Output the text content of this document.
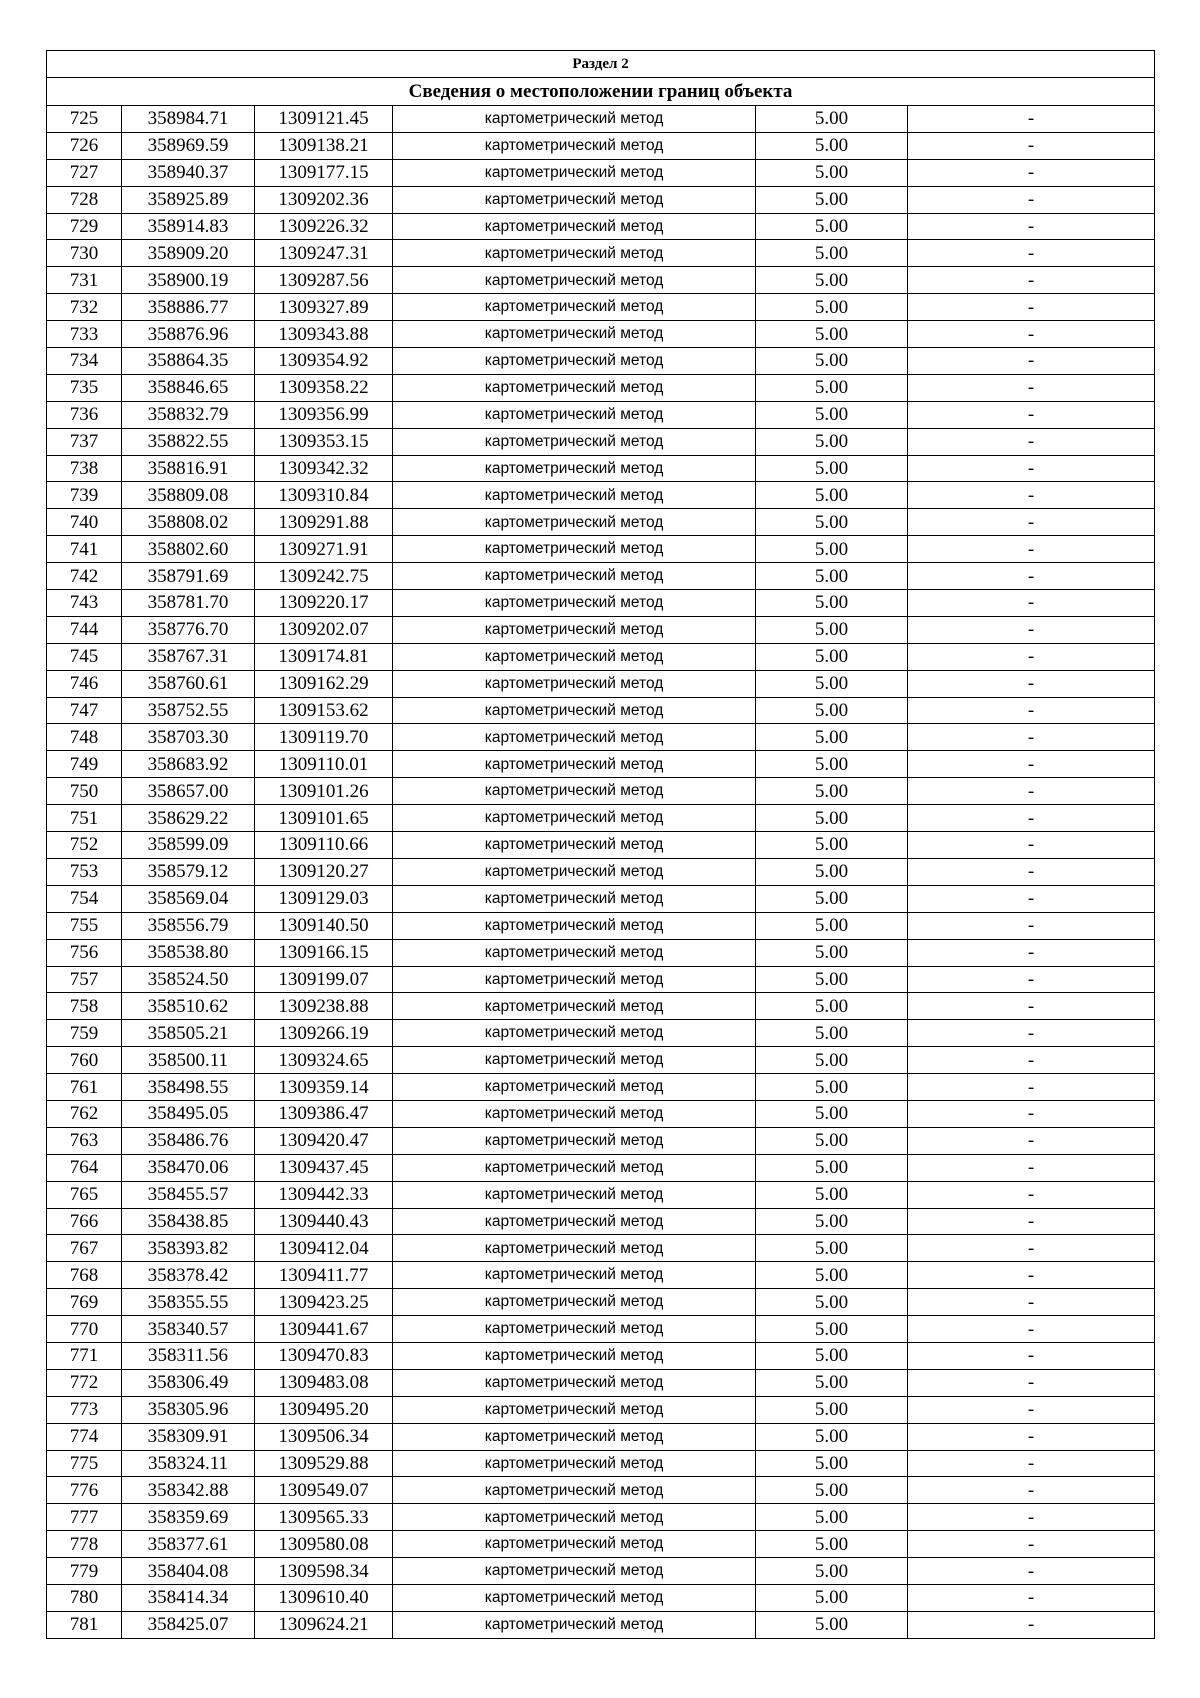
Раздел 2					
Сведения о местоположении границ объекта					
725	358984.71	1309121.45	картометрический метод	5.00	-
726	358969.59	1309138.21	картометрический метод	5.00	-
727	358940.37	1309177.15	картометрический метод	5.00	-
728	358925.89	1309202.36	картометрический метод	5.00	-
729	358914.83	1309226.32	картометрический метод	5.00	-
730	358909.20	1309247.31	картометрический метод	5.00	-
731	358900.19	1309287.56	картометрический метод	5.00	-
732	358886.77	1309327.89	картометрический метод	5.00	-
733	358876.96	1309343.88	картометрический метод	5.00	-
734	358864.35	1309354.92	картометрический метод	5.00	-
735	358846.65	1309358.22	картометрический метод	5.00	-
736	358832.79	1309356.99	картометрический метод	5.00	-
737	358822.55	1309353.15	картометрический метод	5.00	-
738	358816.91	1309342.32	картометрический метод	5.00	-
739	358809.08	1309310.84	картометрический метод	5.00	-
740	358808.02	1309291.88	картометрический метод	5.00	-
741	358802.60	1309271.91	картометрический метод	5.00	-
742	358791.69	1309242.75	картометрический метод	5.00	-
743	358781.70	1309220.17	картометрический метод	5.00	-
744	358776.70	1309202.07	картометрический метод	5.00	-
745	358767.31	1309174.81	картометрический метод	5.00	-
746	358760.61	1309162.29	картометрический метод	5.00	-
747	358752.55	1309153.62	картометрический метод	5.00	-
748	358703.30	1309119.70	картометрический метод	5.00	-
749	358683.92	1309110.01	картометрический метод	5.00	-
750	358657.00	1309101.26	картометрический метод	5.00	-
751	358629.22	1309101.65	картометрический метод	5.00	-
752	358599.09	1309110.66	картометрический метод	5.00	-
753	358579.12	1309120.27	картометрический метод	5.00	-
754	358569.04	1309129.03	картометрический метод	5.00	-
755	358556.79	1309140.50	картометрический метод	5.00	-
756	358538.80	1309166.15	картометрический метод	5.00	-
757	358524.50	1309199.07	картометрический метод	5.00	-
758	358510.62	1309238.88	картометрический метод	5.00	-
759	358505.21	1309266.19	картометрический метод	5.00	-
760	358500.11	1309324.65	картометрический метод	5.00	-
761	358498.55	1309359.14	картометрический метод	5.00	-
762	358495.05	1309386.47	картометрический метод	5.00	-
763	358486.76	1309420.47	картометрический метод	5.00	-
764	358470.06	1309437.45	картометрический метод	5.00	-
765	358455.57	1309442.33	картометрический метод	5.00	-
766	358438.85	1309440.43	картометрический метод	5.00	-
767	358393.82	1309412.04	картометрический метод	5.00	-
768	358378.42	1309411.77	картометрический метод	5.00	-
769	358355.55	1309423.25	картометрический метод	5.00	-
770	358340.57	1309441.67	картометрический метод	5.00	-
771	358311.56	1309470.83	картометрический метод	5.00	-
772	358306.49	1309483.08	картометрический метод	5.00	-
773	358305.96	1309495.20	картометрический метод	5.00	-
774	358309.91	1309506.34	картометрический метод	5.00	-
775	358324.11	1309529.88	картометрический метод	5.00	-
776	358342.88	1309549.07	картометрический метод	5.00	-
777	358359.69	1309565.33	картометрический метод	5.00	-
778	358377.61	1309580.08	картометрический метод	5.00	-
779	358404.08	1309598.34	картометрический метод	5.00	-
780	358414.34	1309610.40	картометрический метод	5.00	-
781	358425.07	1309624.21	картометрический метод	5.00	-
